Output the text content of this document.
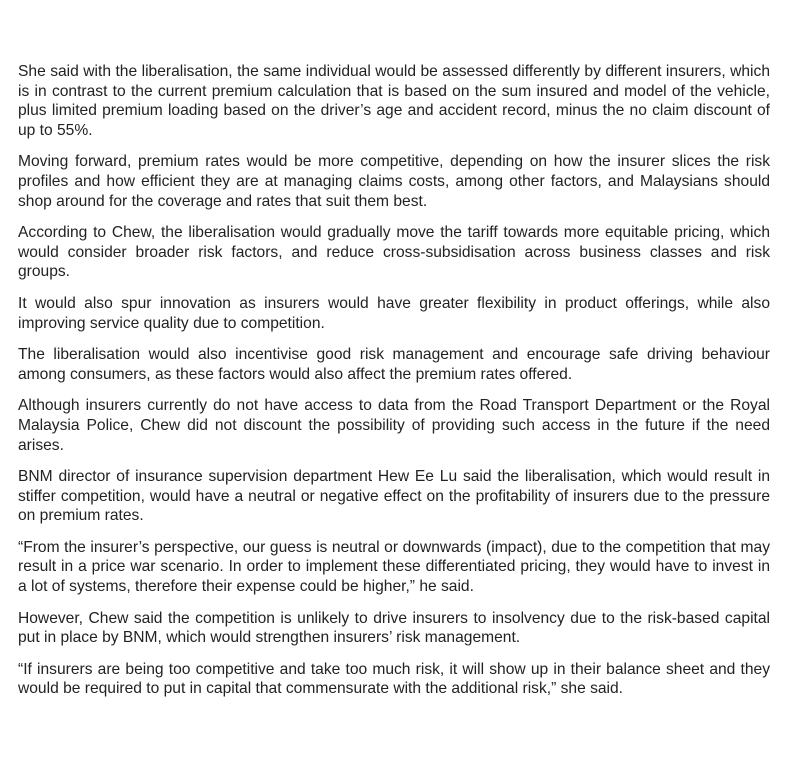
She said with the liberalisation, the same individual would be assessed differently by different insurers, which is in contrast to the current premium calculation that is based on the sum insured and model of the vehicle, plus limited premium loading based on the driver’s age and accident record, minus the no claim discount of up to 55%.

Moving forward, premium rates would be more competitive, depending on how the insurer slices the risk profiles and how efficient they are at managing claims costs, among other factors, and Malaysians should shop around for the coverage and rates that suit them best.

According to Chew, the liberalisation would gradually move the tariff towards more equitable pricing, which would consider broader risk factors, and reduce cross-subsidisation across business classes and risk groups.

It would also spur innovation as insurers would have greater flexibility in product offerings, while also improving service quality due to competition.

The liberalisation would also incentivise good risk management and encourage safe driving behaviour among consumers, as these factors would also affect the premium rates offered.

Although insurers currently do not have access to data from the Road Transport Department or the Royal Malaysia Police, Chew did not discount the possibility of providing such access in the future if the need arises.

BNM director of insurance supervision department Hew Ee Lu said the liberalisation, which would result in stiffer competition, would have a neutral or negative effect on the profitability of insurers due to the pressure on premium rates.

“From the insurer’s perspective, our guess is neutral or downwards (impact), due to the competition that may result in a price war scenario. In order to implement these differentiated pricing, they would have to invest in a lot of systems, therefore their expense could be higher,” he said.

However, Chew said the competition is unlikely to drive insurers to insolvency due to the risk-based capital put in place by BNM, which would strengthen insurers’ risk management.

“If insurers are being too competitive and take too much risk, it will show up in their balance sheet and they would be required to put in capital that commensurate with the additional risk,” she said.
